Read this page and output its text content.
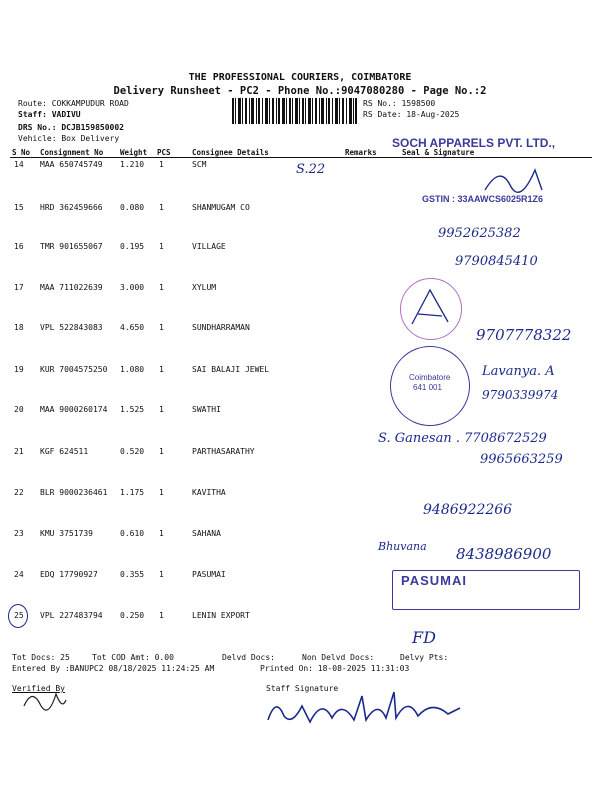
THE PROFESSIONAL COURIERS, COIMBATORE
Delivery Runsheet - PC2 - Phone No.:9047080280 - Page No.:2
Route: COKKAMPUDUR ROAD
Staff: VADIVU
DRS No.: DCJB159850002
Vehicle: Box Delivery
RS No.: 1598500
RS Date: 18-Aug-2025
S No Consignment No Weight PCS	Consignee Details	Remarks	Seal & Signature
14 MAA 650745749 1.210 1	SCM
15 HRD 362459666 0.080 1	SHANMUGAM CO
16 TMR 901655067 0.195 1	VILLAGE
17 MAA 711022639 3.000 1	XYLUM
18 VPL 522843083 4.650 1	SUNDHARRAMAN
19 KUR 7004575250 1.080 1	SAI BALAJI JEWEL
20 MAA 9000260174 1.525 1	SWATHI
21 KGF 624511	0.520 1	PARTHASARATHY
22 BLR 9000236461 1.175 1	KAVITHA
23 KMU 3751739	0.610 1	SAHANA
24 EDQ 17790927	0.355 1	PASUMAI
25 VPL 227483794 0.250 1	LENIN EXPORT
SOCH APPARELS PVT. LTD.,
GSTIN : 33AAWCS6025R1Z6
S.22
9952625382
9790845410
9707778322
Coimbatore
641 001
Lavanya. A
9790339974
S. Ganesan . 7708672529
9965663259
9486922266
Bhuvana 8438986900
PASUMAI
FD
Tot Docs: 25	Tot COD Amt: 0.00	Delvd Docs:	Non Delvd Docs:	Delvy Pts:
Entered By :BANUPC2 08/18/2025 11:24:25 AM	Printed On: 18-08-2025 11:31:03
Verified By	Staff Signature
